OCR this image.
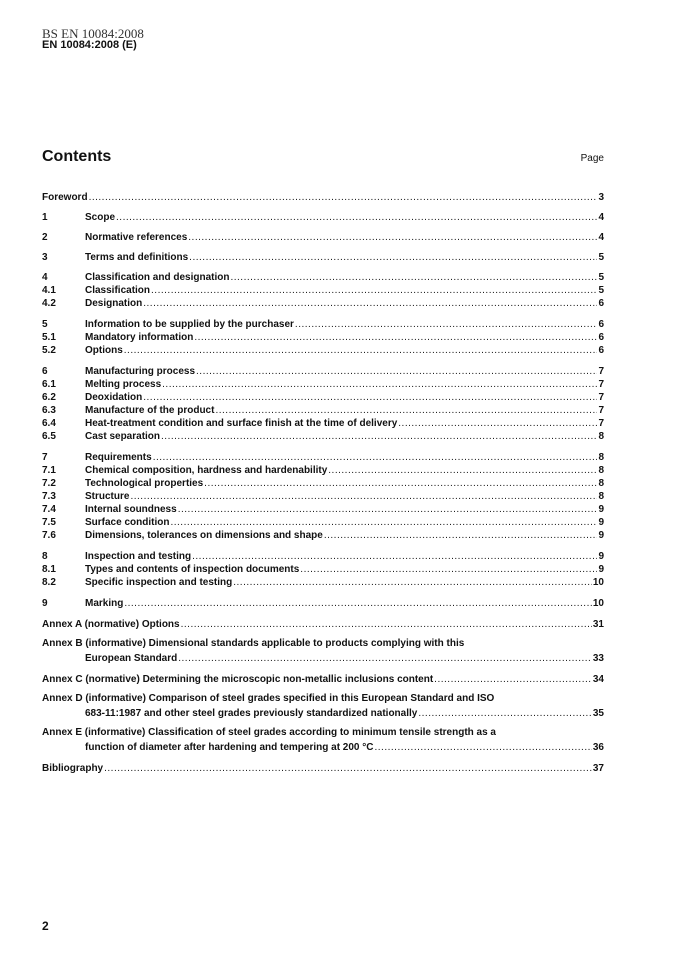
BS EN 10084:2008
EN 10084:2008 (E)
Contents	Page
Foreword .....	3
1	Scope .....	4
2	Normative references .....	4
3	Terms and definitions .....	5
4	Classification and designation .....	5
4.1	Classification .....	5
4.2	Designation .....	6
5	Information to be supplied by the purchaser .....	6
5.1	Mandatory information .....	6
5.2	Options .....	6
6	Manufacturing process .....	7
6.1	Melting process .....	7
6.2	Deoxidation .....	7
6.3	Manufacture of the product .....	7
6.4	Heat-treatment condition and surface finish at the time of delivery .....	7
6.5	Cast separation .....	8
7	Requirements .....	8
7.1	Chemical composition, hardness and hardenability .....	8
7.2	Technological properties .....	8
7.3	Structure .....	8
7.4	Internal soundness .....	9
7.5	Surface condition .....	9
7.6	Dimensions, tolerances on dimensions and shape .....	9
8	Inspection and testing .....	9
8.1	Types and contents of inspection documents .....	9
8.2	Specific inspection and testing .....	10
9	Marking .....	10
Annex A (normative) Options .....	31
Annex B (informative) Dimensional standards applicable to products complying with this
European Standard .....	33
Annex C (normative) Determining the microscopic non-metallic inclusions content .....	34
Annex D (informative) Comparison of steel grades specified in this European Standard and ISO
683-11:1987 and other steel grades previously standardized nationally .....	35
Annex E (informative) Classification of steel grades according to minimum tensile strength as a
function of diameter after hardening and tempering at 200 °C .....	36
Bibliography .....	37
2
